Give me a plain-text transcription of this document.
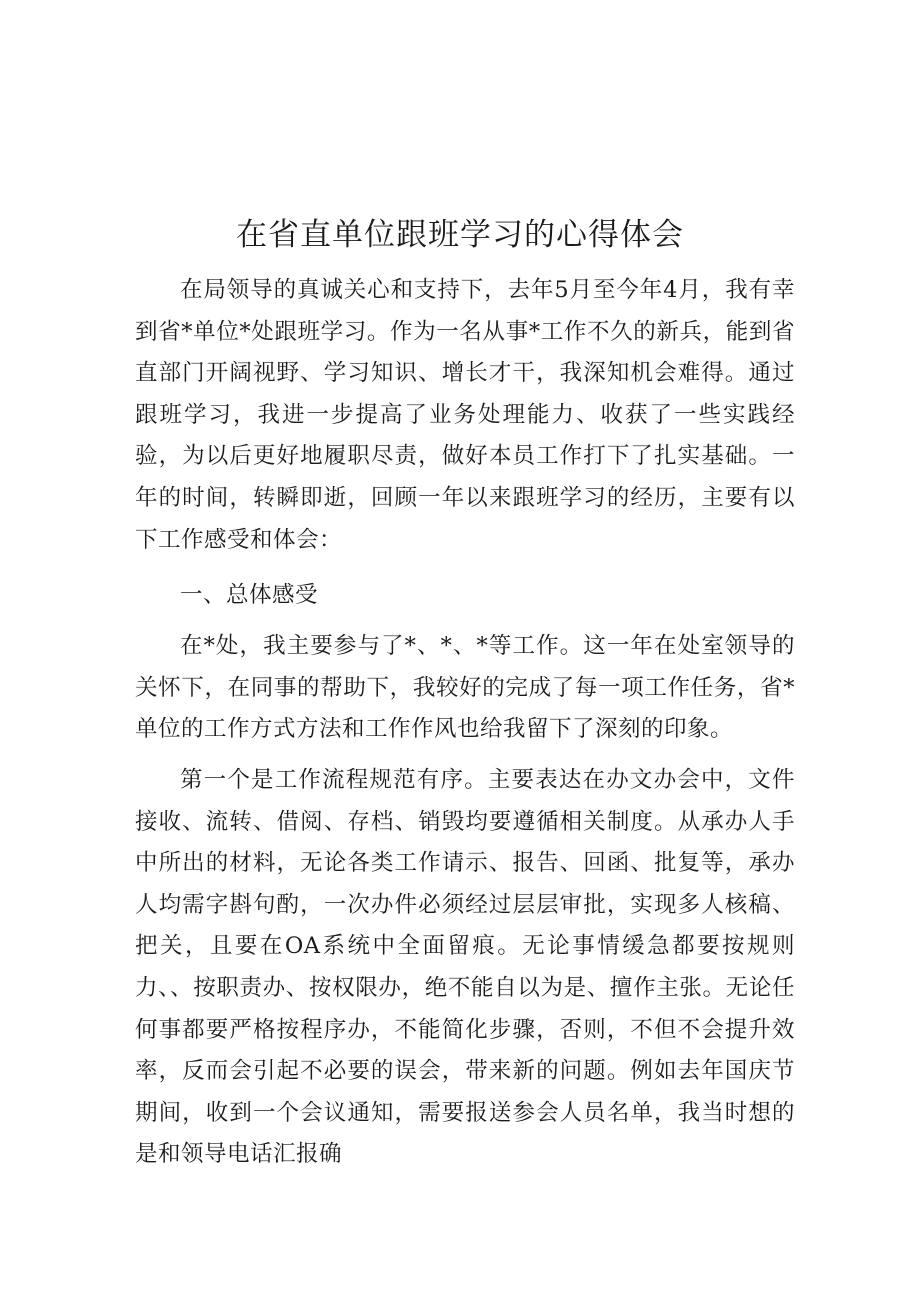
在省直单位跟班学习的心得体会

在局领导的真诚关心和支持下，去年5月至今年4月，我有幸到省*单位*处跟班学习。作为一名从事*工作不久的新兵，能到省直部门开阔视野、学习知识、增长才干，我深知机会难得。通过跟班学习，我进一步提高了业务处理能力、收获了一些实践经验，为以后更好地履职尽责，做好本员工作打下了扎实基础。一年的时间，转瞬即逝，回顾一年以来跟班学习的经历，主要有以下工作感受和体会：

一、总体感受

在*处，我主要参与了*、*、*等工作。这一年在处室领导的关怀下，在同事的帮助下，我较好的完成了每一项工作任务，省*单位的工作方式方法和工作作风也给我留下了深刻的印象。

第一个是工作流程规范有序。主要表达在办文办会中，文件接收、流转、借阅、存档、销毁均要遵循相关制度。从承办人手中所出的材料，无论各类工作请示、报告、回函、批复等，承办人均需字斟句酌，一次办件必须经过层层审批，实现多人核稿、把关，且要在OA系统中全面留痕。无论事情缓急都要按规则力、、按职责办、按权限办，绝不能自以为是、擅作主张。无论任何事都要严格按程序办，不能简化步骤，否则，不但不会提升效率，反而会引起不必要的误会，带来新的问题。例如去年国庆节期间，收到一个会议通知，需要报送参会人员名单，我当时想的是和领导电话汇报确
